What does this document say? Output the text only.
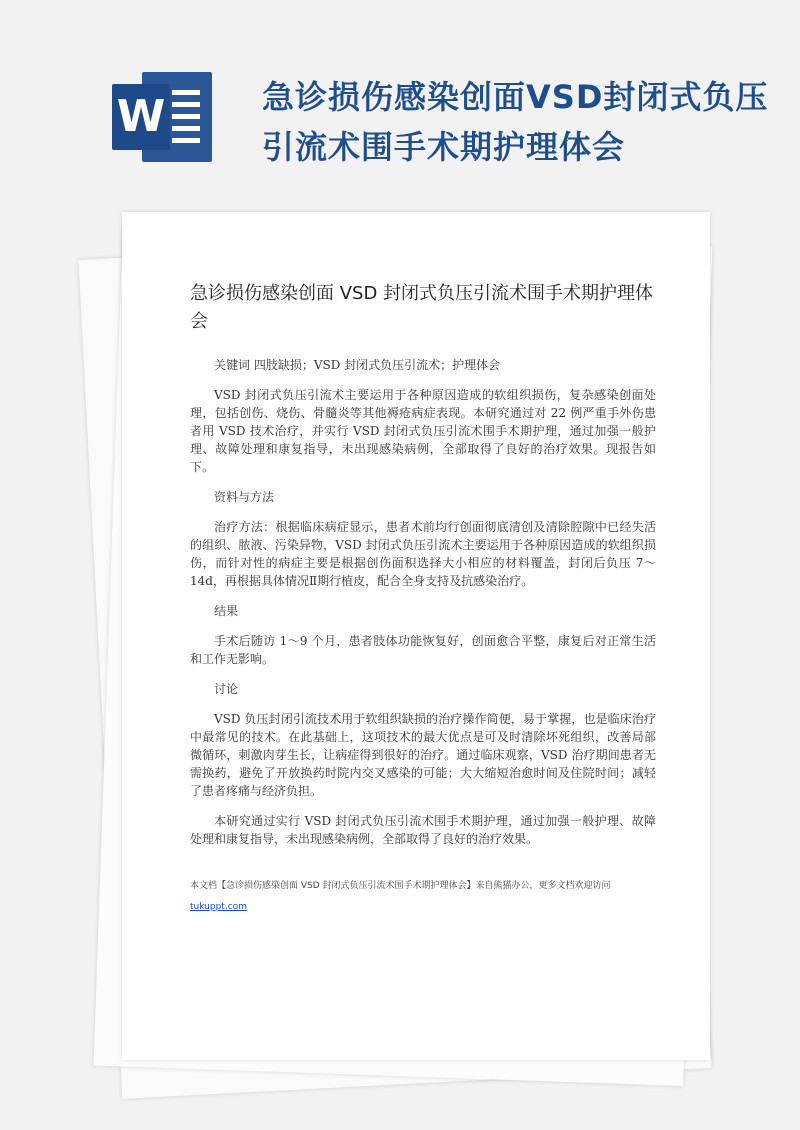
W	急诊损伤感染创面VSD封闭式负压引流术围手术期护理体会
急诊损伤感染创面 VSD 封闭式负压引流术围手术期护理体会

关键词 四肢缺损；VSD 封闭式负压引流术；护理体会

VSD 封闭式负压引流术主要运用于各种原因造成的软组织损伤，复杂感染创面处理，包括创伤、烧伤、骨髓炎等其他褥疮病症表现。本研究通过对 22 例严重手外伤患者用 VSD 技术治疗，并实行 VSD 封闭式负压引流术围手术期护理，通过加强一般护理、故障处理和康复指导，未出现感染病例，全部取得了良好的治疗效果。现报告如下。

资料与方法

治疗方法：根据临床病症显示，患者术前均行创面彻底清创及清除腔隙中已经失活的组织、脓液、污染异物，VSD 封闭式负压引流术主要运用于各种原因造成的软组织损伤，而针对性的病症主要是根据创伤面积选择大小相应的材料覆盖，封闭后负压 7～14d，再根据具体情况Ⅱ期行植皮，配合全身支持及抗感染治疗。

结果

手术后随访 1～9 个月，患者肢体功能恢复好，创面愈合平整，康复后对正常生活和工作无影响。

讨论

VSD 负压封闭引流技术用于软组织缺损的治疗操作简便，易于掌握，也是临床治疗中最常见的技术。在此基础上，这项技术的最大优点是可及时清除坏死组织，改善局部微循环，刺激肉芽生长，让病症得到很好的治疗。通过临床观察，VSD 治疗期间患者无需换药，避免了开放换药时院内交叉感染的可能；大大缩短治愈时间及住院时间；减轻了患者疼痛与经济负担。

本研究通过实行 VSD 封闭式负压引流术围手术期护理，通过加强一般护理、故障处理和康复指导，未出现感染病例，全部取得了良好的治疗效果。

本文档【急诊损伤感染创面 VSD 封闭式负压引流术围手术期护理体会】来自熊猫办公，更多文档欢迎访问
tukuppt.com
